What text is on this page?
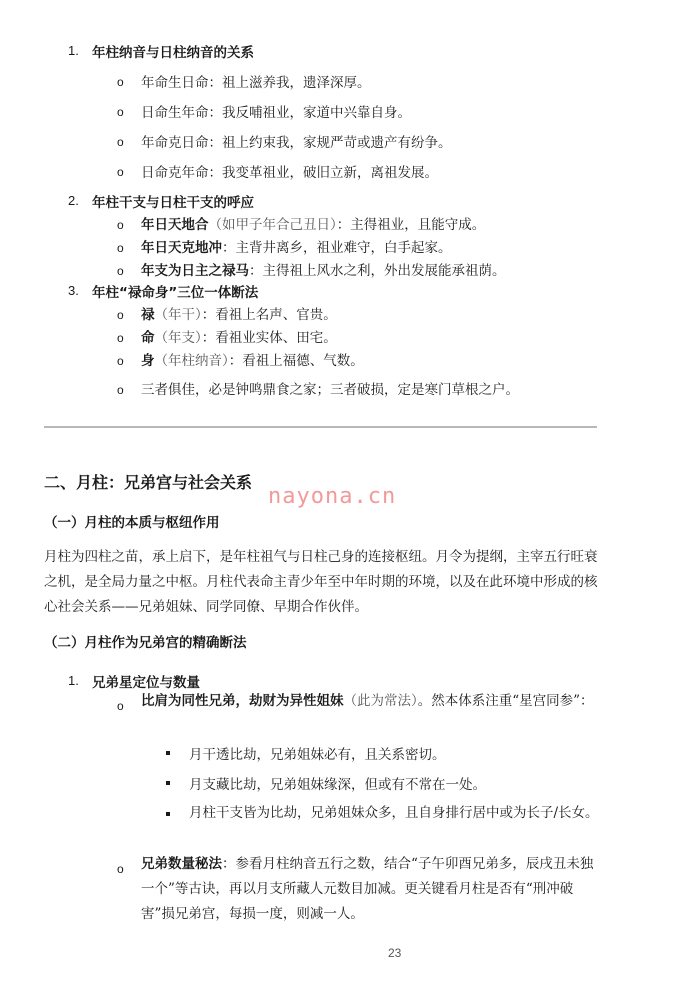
1. 年柱纳音与日柱纳音的关系
o 年命生日命：祖上滋养我，遗泽深厚。
o 日命生年命：我反哺祖业，家道中兴靠自身。
o 年命克日命：祖上约束我，家规严苛或遗产有纷争。
o 日命克年命：我变革祖业，破旧立新，离祖发展。
2. 年柱干支与日柱干支的呼应
o 年日天地合（如甲子年合己丑日）：主得祖业，且能守成。
o 年日天克地冲：主背井离乡，祖业难守，白手起家。
o 年支为日主之禄马：主得祖上风水之利，外出发展能承祖荫。
3. 年柱“禄命身”三位一体断法
o 禄（年干）：看祖上名声、官贵。
o 命（年支）：看祖业实体、田宅。
o 身（年柱纳音）：看祖上福德、气数。
o 三者俱佳，必是钟鸣鼎食之家；三者破损，定是寒门草根之户。
二、月柱：兄弟宫与社会关系
nayona.cn
（一）月柱的本质与枢纽作用
月柱为四柱之苗，承上启下，是年柱祖气与日柱己身的连接枢纽。月令为提纲，主宰五行旺衰之机，是全局力量之中枢。月柱代表命主青少年至中年时期的环境，以及在此环境中形成的核心社会关系——兄弟姐妹、同学同僚、早期合作伙伴。
（二）月柱作为兄弟宫的精确断法
1. 兄弟星定位与数量
o 比肩为同性兄弟，劫财为异性姐妹（此为常法）。然本体系注重“星宫同参”：
月干透比劫，兄弟姐妹必有，且关系密切。
月支藏比劫，兄弟姐妹缘深，但或有不常在一处。
月柱干支皆为比劫，兄弟姐妹众多，且自身排行居中或为长子/长女。
o 兄弟数量秘法：参看月柱纳音五行之数，结合“子午卯酉兄弟多，辰戌丑未独一个”等古诀，再以月支所藏人元数目加减。更关键看月柱是否有“刑冲破害”损兄弟宫，每损一度，则减一人。
23
